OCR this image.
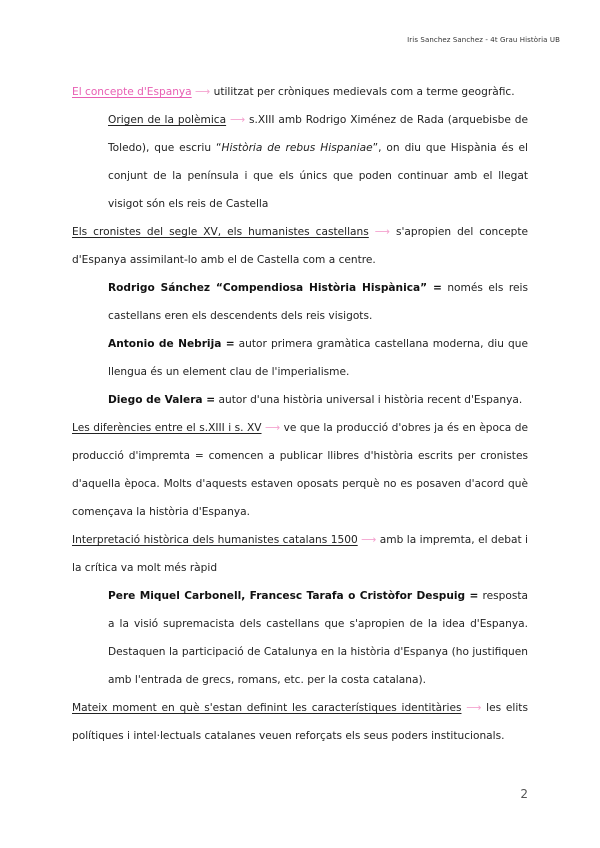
Iris Sanchez Sanchez - 4t Grau Història UB

El concepte d'Espanya ⟶ utilitzat per cròniques medievals com a terme geogràfic.

Origen de la polèmica ⟶ s.XIII amb Rodrigo Ximénez de Rada (arquebisbe de Toledo), que escriu “Història de rebus Hispaniae”, on diu que Hispània és el conjunt de la península i que els únics que poden continuar amb el llegat visigot són els reis de Castella

Els cronistes del segle XV, els humanistes castellans ⟶ s'apropien del concepte d'Espanya assimilant-lo amb el de Castella com a centre.

Rodrigo Sánchez “Compendiosa Història Hispànica” = només els reis castellans eren els descendents dels reis visigots.

Antonio de Nebrija = autor primera gramàtica castellana moderna, diu que llengua és un element clau de l'imperialisme.

Diego de Valera = autor d'una història universal i història recent d'Espanya.

Les diferències entre el s.XIII i s. XV ⟶ ve que la producció d'obres ja és en època de producció d'impremta = comencen a publicar llibres d'història escrits per cronistes d'aquella època. Molts d'aquests estaven oposats perquè no es posaven d'acord què començava la història d'Espanya.

Interpretació històrica dels humanistes catalans 1500 ⟶ amb la impremta, el debat i la crítica va molt més ràpid

Pere Miquel Carbonell, Francesc Tarafa o Cristòfor Despuig = resposta a la visió supremacista dels castellans que s'apropien de la idea d'Espanya. Destaquen la participació de Catalunya en la història d'Espanya (ho justifiquen amb l'entrada de grecs, romans, etc. per la costa catalana).

Mateix moment en què s'estan definint les característiques identitàries ⟶ les elits polítiques i intel·lectuals catalanes veuen reforçats els seus poders institucionals.

2
